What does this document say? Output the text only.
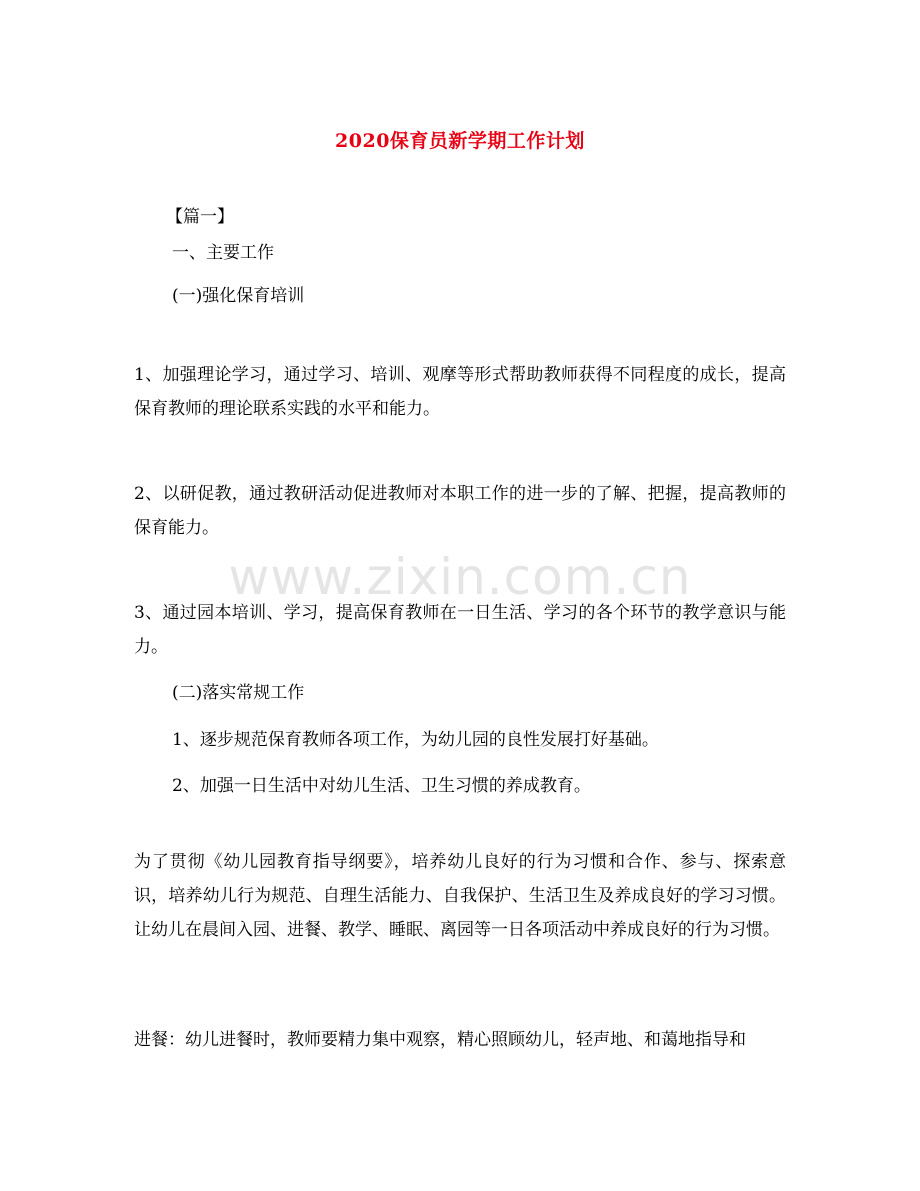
2020保育员新学期工作计划
【篇一】
一、主要工作
(一)强化保育培训
1、加强理论学习，通过学习、培训、观摩等形式帮助教师获得不同程度的成长，提高保育教师的理论联系实践的水平和能力。
2、以研促教，通过教研活动促进教师对本职工作的进一步的了解、把握，提高教师的保育能力。
3、通过园本培训、学习，提高保育教师在一日生活、学习的各个环节的教学意识与能力。
(二)落实常规工作
1、逐步规范保育教师各项工作，为幼儿园的良性发展打好基础。
2、加强一日生活中对幼儿生活、卫生习惯的养成教育。
为了贯彻《幼儿园教育指导纲要》，培养幼儿良好的行为习惯和合作、参与、探索意识，培养幼儿行为规范、自理生活能力、自我保护、生活卫生及养成良好的学习习惯。让幼儿在晨间入园、进餐、教学、睡眠、离园等一日各项活动中养成良好的行为习惯。
进餐：幼儿进餐时，教师要精力集中观察，精心照顾幼儿，轻声地、和蔼地指导和
www.zixin.com.cn
